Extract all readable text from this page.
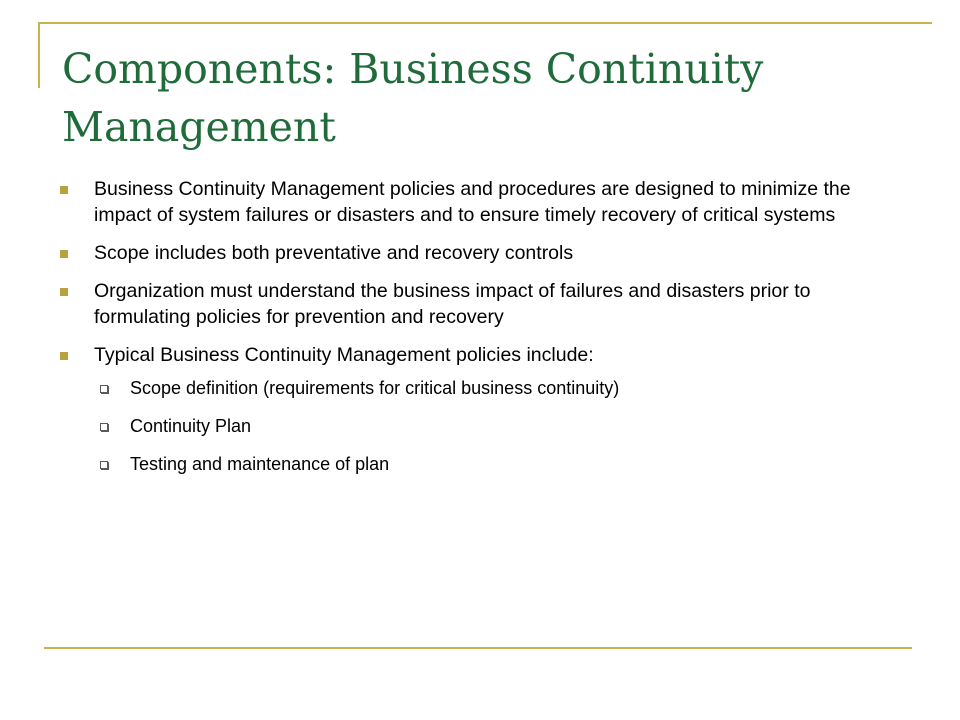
Components: Business Continuity Management
Business Continuity Management policies and procedures are designed to minimize the impact of system failures or disasters and to ensure timely recovery of critical systems
Scope includes both preventative and recovery controls
Organization must understand the business impact of failures and disasters prior to formulating policies for prevention and recovery
Typical Business Continuity Management policies include:
Scope definition (requirements for critical business continuity)
Continuity Plan
Testing and maintenance of plan
